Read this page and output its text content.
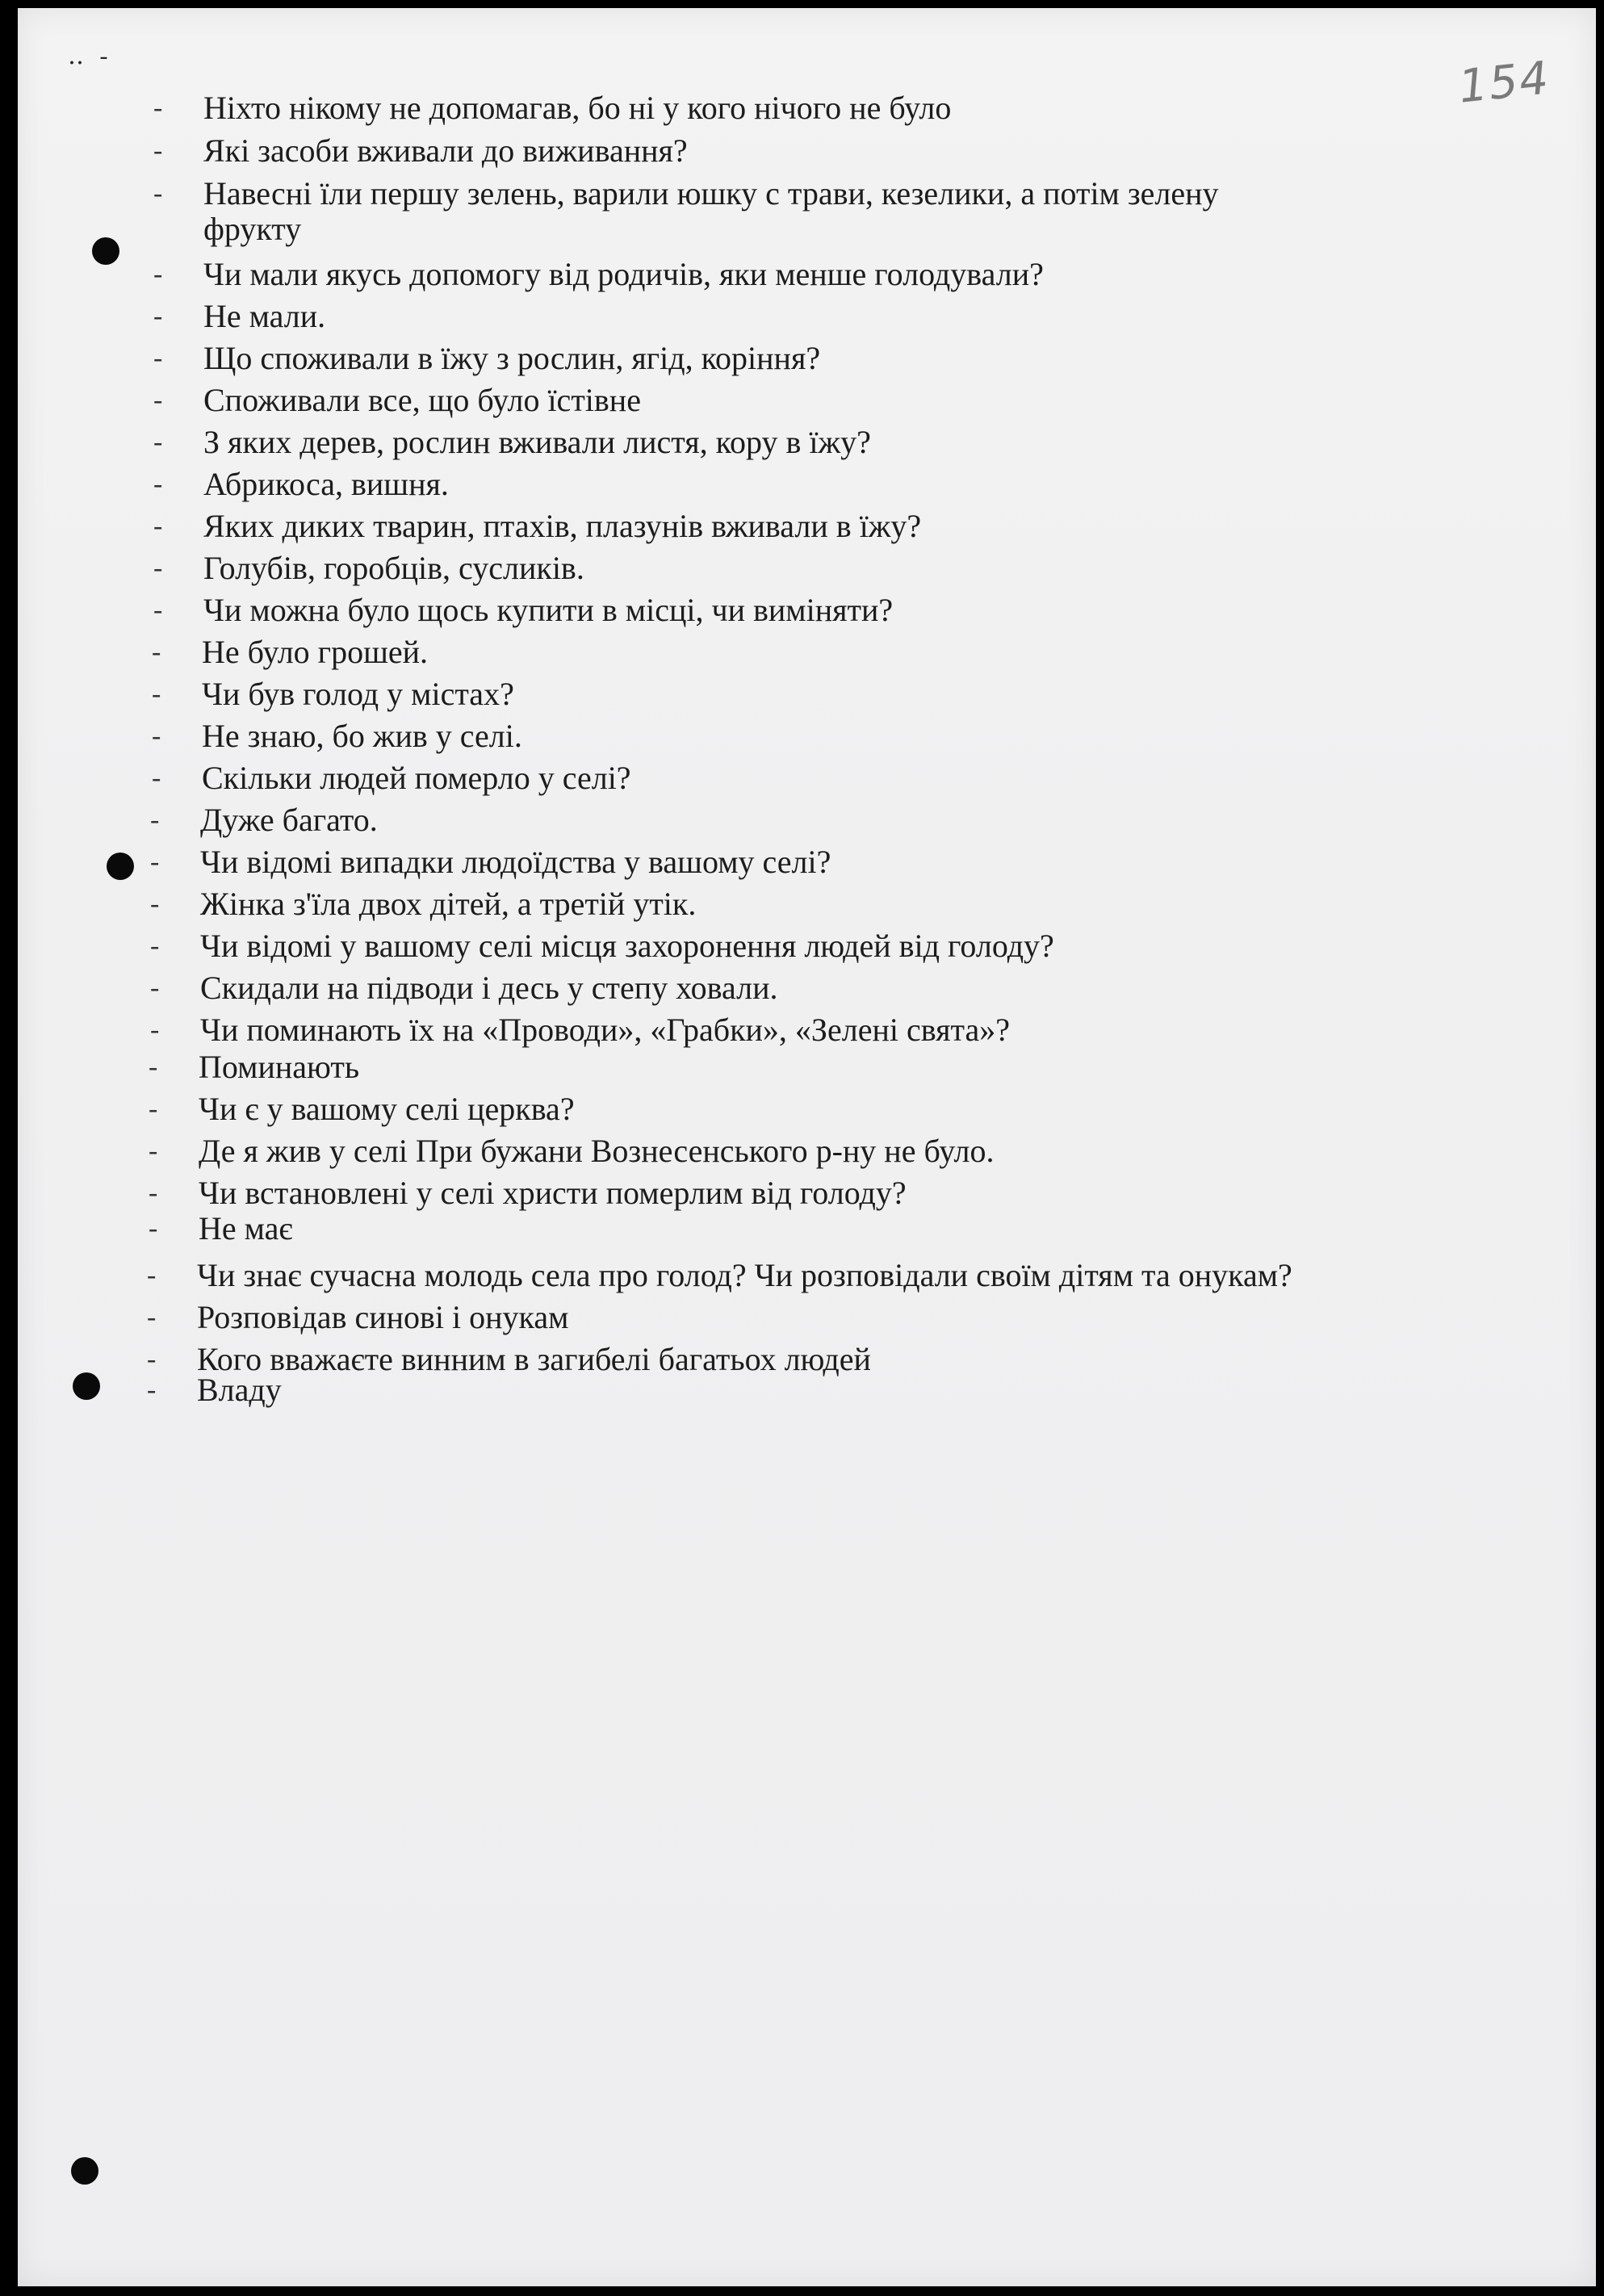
‥ -	154
- Ніхто нікому не допомагав, бо ні у кого нічого не було
- Які засоби вживали до виживання?
- Навесні їли першу зелень, варили юшку с трави, кезелики, а потім зелену
фрукту
- Чи мали якусь допомогу від родичів, яки менше голодували?
- Не мали.
- Що споживали в їжу з рослин, ягід, коріння?
- Споживали все, що було їстівне
- З яких дерев, рослин вживали листя, кору в їжу?
- Абрикоса, вишня.
- Яких диких тварин, птахів, плазунів вживали в їжу?
- Голубів, горобців, сусликів.
- Чи можна було щось купити в місці, чи виміняти?
- Не було грошей.
- Чи був голод у містах?
- Не знаю, бо жив у селі.
- Скільки людей померло у селі?
- Дуже багато.
- Чи відомі випадки людоїдства у вашому селі?
- Жінка з'їла двох дітей, а третій утік.
- Чи відомі у вашому селі місця захоронення людей від голоду?
- Скидали на підводи і десь у степу ховали.
- Чи поминають їх на «Проводи», «Грабки», «Зелені свята»?
- Поминають
- Чи є у вашому селі церква?
- Де я жив у селі При бужани Вознесенського р-ну не було.
- Чи встановлені у селі христи померлим від голоду?
- Не має
- Чи знає сучасна молодь села про голод? Чи розповідали своїм дітям та онукам?
- Розповідав синові і онукам
- Кого вважаєте винним в загибелі багатьох людей
- Владу
